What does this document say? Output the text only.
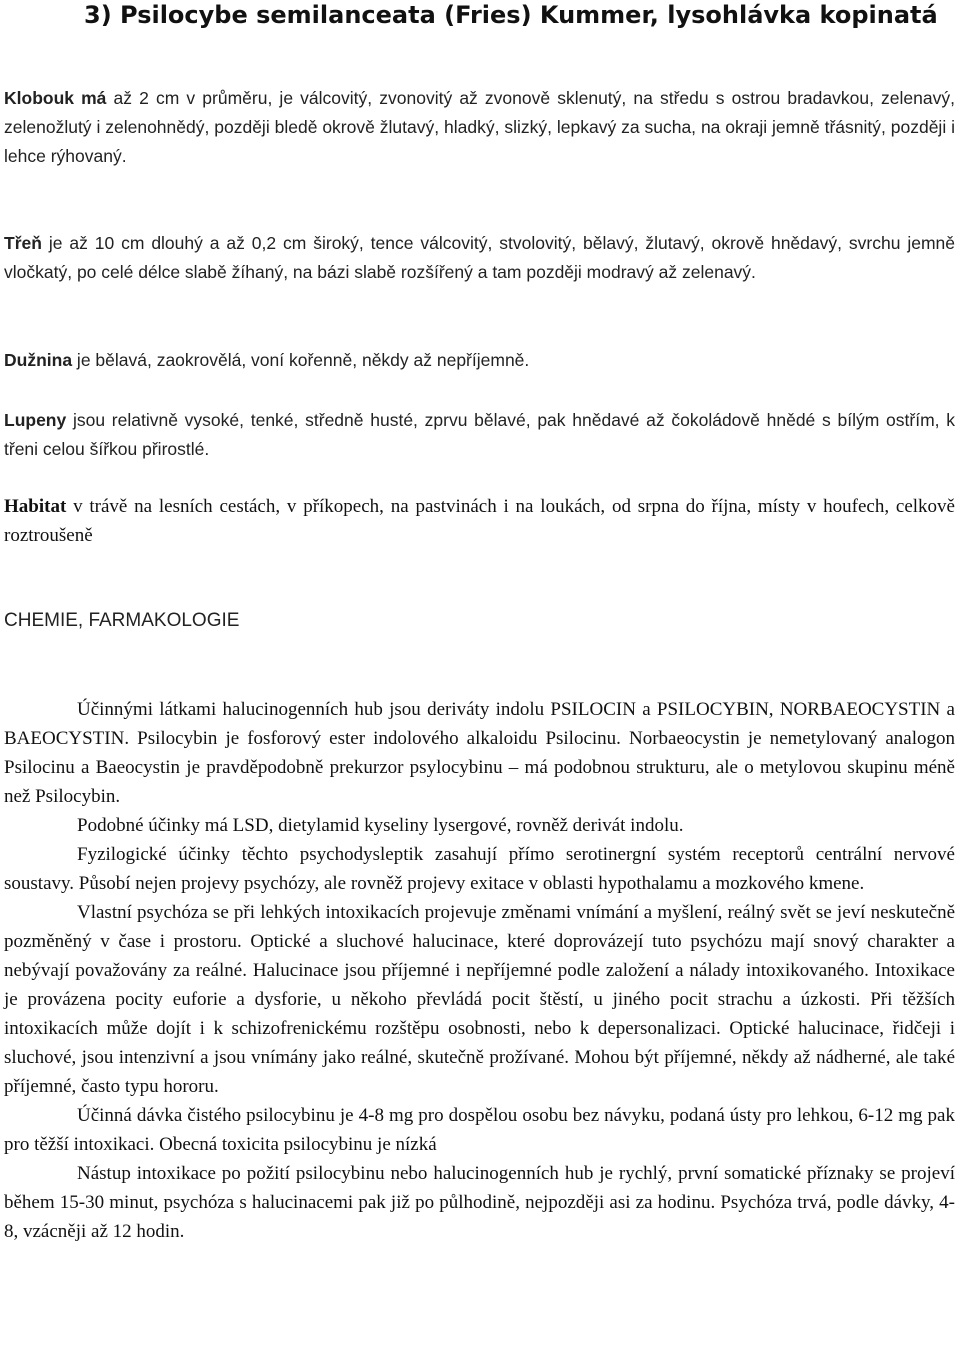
3) Psilocybe semilanceata (Fries) Kummer, lysohlávka kopinatá

Klobouk má až 2 cm v průměru, je válcovitý, zvonovitý až zvonově sklenutý, na středu s ostrou bradavkou, zelenavý, zelenožlutý i zelenohnědý, později bledě okrově žlutavý, hladký, slizký, lepkavý za sucha, na okraji jemně třásnitý, později i lehce rýhovaný.

Třeň je až 10 cm dlouhý a až 0,2 cm široký, tence válcovitý, stvolovitý, bělavý, žlutavý, okrově hnědavý, svrchu jemně vločkatý, po celé délce slabě žíhaný, na bázi slabě rozšířený a tam později modravý až zelenavý.

Dužnina je bělavá, zaokrovělá, voní kořenně, někdy až nepříjemně.

Lupeny jsou relativně vysoké, tenké, středně husté, zprvu bělavé, pak hnědavé až čokoládově hnědé s bílým ostřím, k třeni celou šířkou přirostlé.

Habitat v trávě na lesních cestách, v příkopech, na pastvinách i na loukách, od srpna do října, místy v houfech, celkově roztroušeně

CHEMIE, FARMAKOLOGIE

Účinnými látkami halucinogenních hub jsou deriváty indolu PSILOCIN a PSILOCYBIN, NORBAEOCYSTIN a BAEOCYSTIN. Psilocybin je fosforový ester indolového alkaloidu Psilocinu. Norbaeocystin je nemetylovaný analogon Psilocinu a Baeocystin je pravděpodobně prekurzor psylocybinu – má podobnou strukturu, ale o metylovou skupinu méně než Psilocybin.

Podobné účinky má LSD, dietylamid kyseliny lysergové, rovněž derivát indolu.

Fyzilogické účinky těchto psychodysleptik zasahují přímo serotinergní systém receptorů centrální nervové soustavy. Působí nejen projevy psychózy, ale rovněž projevy exitace v oblasti hypothalamu a mozkového kmene.

Vlastní psychóza se při lehkých intoxikacích projevuje změnami vnímání a myšlení, reálný svět se jeví neskutečně pozměněný v čase i prostoru. Optické a sluchové halucinace, které doprovázejí tuto psychózu mají snový charakter a nebývají považovány za reálné. Halucinace jsou příjemné i nepříjemné podle založení a nálady intoxikovaného. Intoxikace je provázena pocity euforie a dysforie, u někoho převládá pocit štěstí, u jiného pocit strachu a úzkosti. Při těžších intoxikacích může dojít i k schizofrenickému rozštěpu osobnosti, nebo k depersonalizaci. Optické halucinace, řidčeji i sluchové, jsou intenzivní a jsou vnímány jako reálné, skutečně prožívané. Mohou být příjemné, někdy až nádherné, ale také příjemné, často typu hororu.

Účinná dávka čistého psilocybinu je 4-8 mg pro dospělou osobu bez návyku, podaná ústy pro lehkou, 6-12 mg pak pro těžší intoxikaci. Obecná toxicita psilocybinu je nízká

Nástup intoxikace po požití psilocybinu nebo halucinogenních hub je rychlý, první somatické příznaky se projeví během 15-30 minut, psychóza s halucinacemi pak již po půlhodině, nejpozději asi za hodinu. Psychóza trvá, podle dávky, 4-8, vzácněji až 12 hodin.
